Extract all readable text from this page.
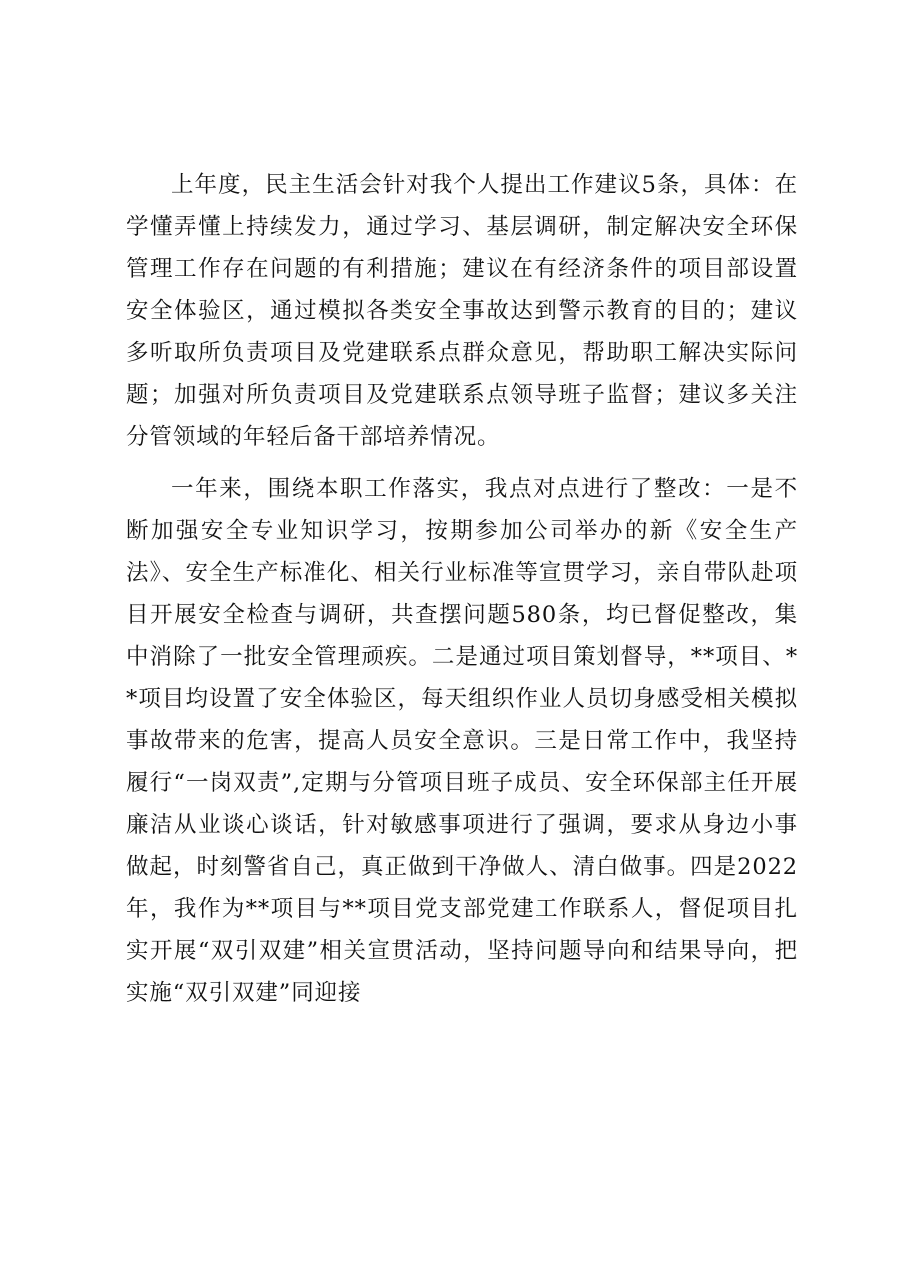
上年度，民主生活会针对我个人提出工作建议5条，具体：在学懂弄懂上持续发力，通过学习、基层调研，制定解决安全环保管理工作存在问题的有利措施；建议在有经济条件的项目部设置安全体验区，通过模拟各类安全事故达到警示教育的目的；建议多听取所负责项目及党建联系点群众意见，帮助职工解决实际问题；加强对所负责项目及党建联系点领导班子监督；建议多关注分管领域的年轻后备干部培养情况。

一年来，围绕本职工作落实，我点对点进行了整改：一是不断加强安全专业知识学习，按期参加公司举办的新《安全生产法》、安全生产标准化、相关行业标准等宣贯学习，亲自带队赴项目开展安全检查与调研，共查摆问题580条，均已督促整改，集中消除了一批安全管理顽疾。二是通过项目策划督导，**项目、**项目均设置了安全体验区，每天组织作业人员切身感受相关模拟事故带来的危害，提高人员安全意识。三是日常工作中，我坚持履行“一岗双责”,定期与分管项目班子成员、安全环保部主任开展廉洁从业谈心谈话，针对敏感事项进行了强调，要求从身边小事做起，时刻警省自己，真正做到干净做人、清白做事。四是2022年，我作为**项目与**项目党支部党建工作联系人，督促项目扎实开展“双引双建”相关宣贯活动，坚持问题导向和结果导向，把实施“双引双建”同迎接
